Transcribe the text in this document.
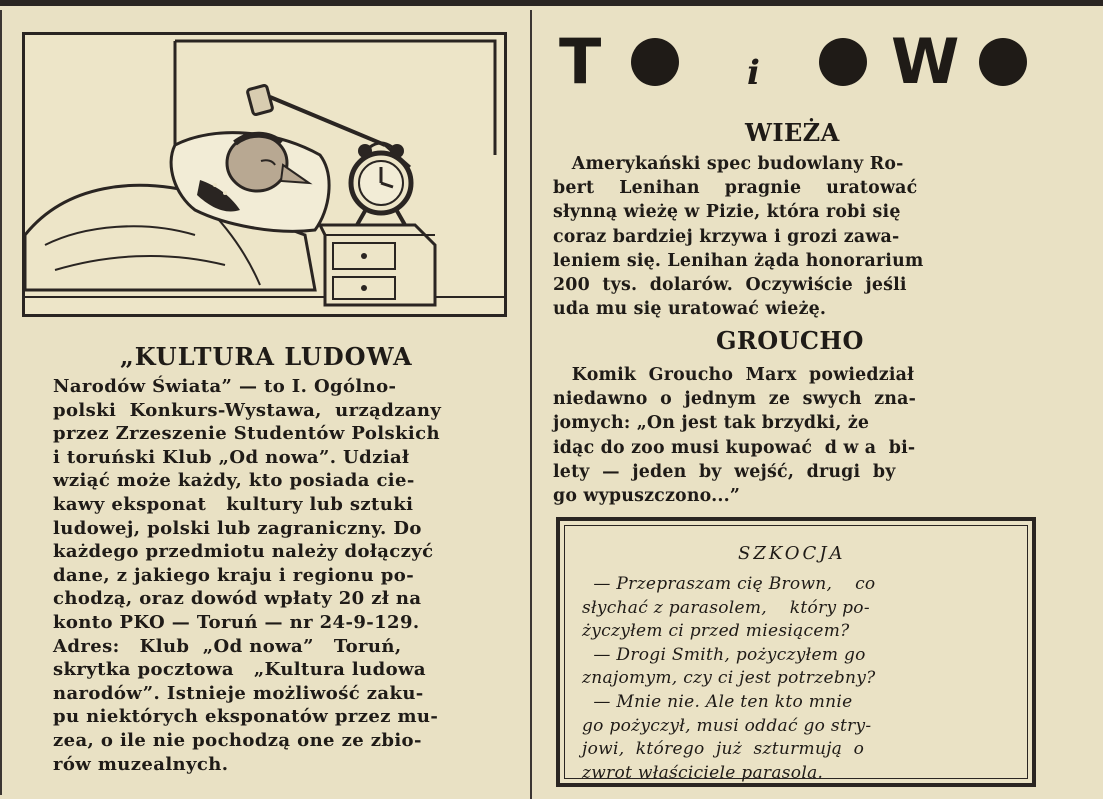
„KULTURA LUDOWA

Narodów Świata” — to I. Ogólno-
polski  Konkurs-Wystawa,  urządzany
przez Zrzeszenie Studentów Polskich
i toruński Klub „Od nowa”. Udział
wziąć może każdy, kto posiada cie-
kawy eksponat   kultury lub sztuki
ludowej, polski lub zagraniczny. Do
każdego przedmiotu należy dołączyć
dane, z jakiego kraju i regionu po-
chodzą, oraz dowód wpłaty 20 zł na
konto PKO — Toruń — nr 24-9-129.
Adres:   Klub  „Od nowa”   Toruń,
skrytka pocztowa   „Kultura ludowa
narodów”. Istnieje możliwość zaku-
pu niektórych eksponatów przez mu-
zea, o ile nie pochodzą one ze zbio-
rów muzealnych.

T	i W
WIEŻA

Amerykański spec budowlany Ro-
bert    Lenihan    pragnie    uratować
słynną wieżę w Pizie, która robi się
coraz bardziej krzywa i grozi zawa-
leniem się. Lenihan żąda honorarium
200  tys.  dolarów.  Oczywiście  jeśli
uda mu się uratować wieżę.

GROUCHO

Komik  Groucho  Marx  powiedział
niedawno  o  jednym  ze  swych  zna-
jomych: „On jest tak brzydki, że
idąc do zoo musi kupować  d w a  bi-
lety  —  jeden  by  wejść,  drugi  by
go wypuszczono...”

SZKOCJA

— Przepraszam cię Brown,    co
słychać z parasolem,    który po-
życzyłem ci przed miesiącem?
— Drogi Smith, pożyczyłem go
znajomym, czy ci jest potrzebny?
— Mnie nie. Ale ten kto mnie
go pożyczył, musi oddać go stry-
jowi,  którego  już  szturmują  o
zwrot właściciele parasola.
